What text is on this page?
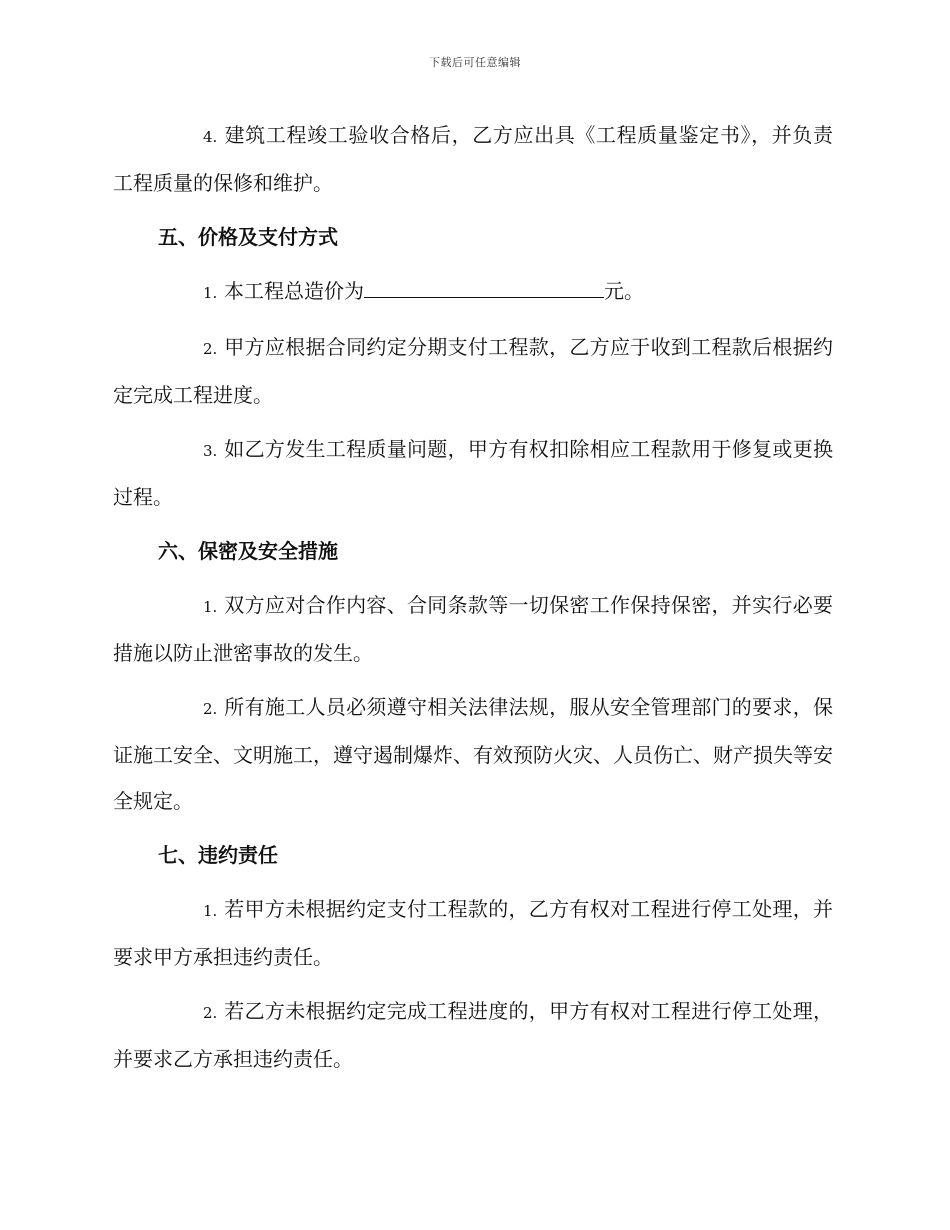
下载后可任意编辑

4. 建筑工程竣工验收合格后，乙方应出具《工程质量鉴定书》，并负责工程质量的保修和维护。

五、价格及支付方式

1. 本工程总造价为	元。

2. 甲方应根据合同约定分期支付工程款，乙方应于收到工程款后根据约定完成工程进度。

3. 如乙方发生工程质量问题，甲方有权扣除相应工程款用于修复或更换过程。

六、保密及安全措施

1. 双方应对合作内容、合同条款等一切保密工作保持保密，并实行必要措施以防止泄密事故的发生。

2. 所有施工人员必须遵守相关法律法规，服从安全管理部门的要求，保证施工安全、文明施工，遵守遏制爆炸、有效预防火灾、人员伤亡、财产损失等安全规定。

七、违约责任

1. 若甲方未根据约定支付工程款的，乙方有权对工程进行停工处理，并要求甲方承担违约责任。

2. 若乙方未根据约定完成工程进度的，甲方有权对工程进行停工处理，并要求乙方承担违约责任。
